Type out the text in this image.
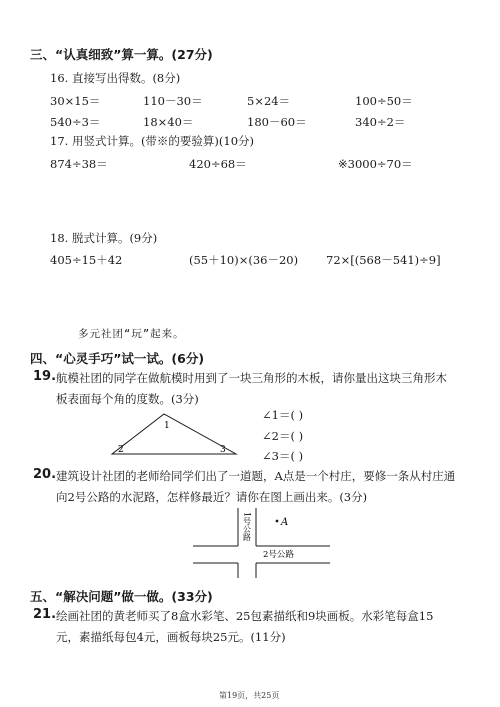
三、“认真细致”算一算。(27分)
16. 直接写出得数。(8分)
30×15＝	110－30＝	5×24＝	100÷50＝
540÷3＝	18×40＝	180－60＝	340÷2＝
17. 用竖式计算。(带※的要验算)(10分)
874÷38＝	420÷68＝	※3000÷70＝
18. 脱式计算。(9分)
405÷15＋42	(55＋10)×(36－20) 72×[(568－541)÷9]
多元社团“玩”起来。
四、“心灵手巧”试一试。(6分)
19. 航模社团的同学在做航模时用到了一块三角形的木板，请你量出这块三角形木
板表面每个角的度数。(3分)
1
2	3
∠1＝( )
∠2＝( )
∠3＝( )
20. 建筑设计社团的老师给同学们出了一道题，A点是一个村庄，要修一条从村庄通
向2号公路的水泥路，怎样修最近？请你在图上画出来。(3分)
1号公路
2号公路
A
五、“解决问题”做一做。(33分)
21. 绘画社团的黄老师买了8盒水彩笔、25包素描纸和9块画板。水彩笔每盒15
元，素描纸每包4元，画板每块25元。(11分)
第19页，共25页
